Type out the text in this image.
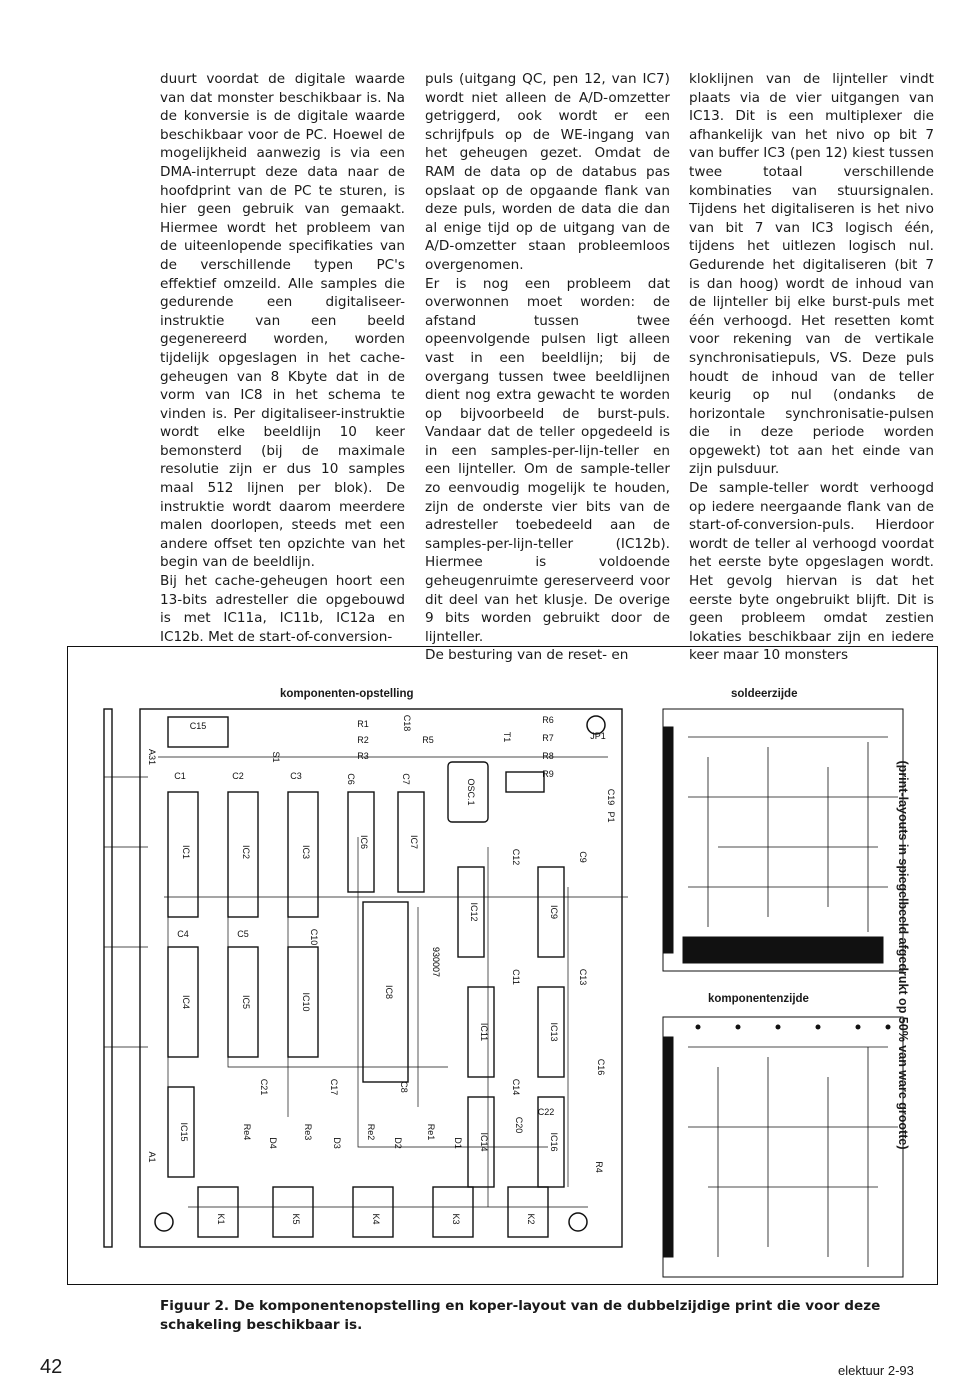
duurt voordat de digitale waarde van dat monster beschikbaar is. Na de konversie is de digitale waarde beschikbaar voor de PC. Hoewel de mogelijkheid aanwezig is via een DMA-interrupt deze data naar de hoofdprint van de PC te sturen, is hier geen gebruik van gemaakt. Hiermee wordt het probleem van de uiteenlopende specifikaties van de verschillende typen PC's effektief omzeild. Alle samples die gedurende een digitaliseer-instruktie van een beeld gegenereerd worden, worden tijdelijk opgeslagen in het cache-geheugen van 8 Kbyte dat in de vorm van IC8 in het schema te vinden is. Per digitaliseer-instruktie wordt elke beeldlijn 10 keer bemonsterd (bij de maximale resolutie zijn er dus 10 samples maal 512 lijnen per blok). De instruktie wordt daarom meerdere malen doorlopen, steeds met een andere offset ten opzichte van het begin van de beeldlijn.

Bij het cache-geheugen hoort een 13-bits adresteller die opgebouwd is met IC11a, IC11b, IC12a en IC12b. Met de start-of-conversion-

puls (uitgang QC, pen 12, van IC7) wordt niet alleen de A/D-omzetter getriggerd, ook wordt er een schrijfpuls op de WE-ingang van het geheugen gezet. Omdat de RAM de data op de databus pas opslaat op de opgaande flank van deze puls, worden de data die dan al enige tijd op de uitgang van de A/D-omzetter staan probleemloos overgenomen.

Er is nog een probleem dat overwonnen moet worden: de afstand tussen twee opeenvolgende pulsen ligt alleen vast in een beeldlijn; bij de overgang tussen twee beeldlijnen dient nog extra gewacht te worden op bijvoorbeeld de burst-puls. Vandaar dat de teller opgedeeld is in een samples-per-lijn-teller en een lijnteller. Om de sample-teller zo eenvoudig mogelijk te houden, zijn de onderste vier bits van de adresteller toebedeeld aan de samples-per-lijn-teller (IC12b). Hiermee is voldoende geheugenruimte gereserveerd voor dit deel van het klusje. De overige 9 bits worden gebruikt door de lijnteller.

De besturing van de reset- en

kloklijnen van de lijnteller vindt plaats via de vier uitgangen van IC13. Dit is een multiplexer die afhankelijk van het nivo op bit 7 van buffer IC3 (pen 12) kiest tussen twee totaal verschillende kombinaties van stuursignalen. Tijdens het digitaliseren is het nivo van bit 7 van IC3 logisch één, tijdens het uitlezen logisch nul. Gedurende het digitaliseren (bit 7 is dan hoog) wordt de inhoud van de lijnteller bij elke burst-puls met één verhoogd. Het resetten komt voor rekening van de vertikale synchronisatiepuls, VS. Deze puls houdt de inhoud van de teller keurig op nul (ondanks de horizontale synchronisatie-pulsen die in deze periode worden opgewekt) tot aan het einde van zijn pulsduur.

De sample-teller wordt verhoogd op iedere neergaande flank van de start-of-conversion-puls. Hierdoor wordt de teller al verhoogd voordat het eerste byte opgeslagen wordt. Het gevolg hiervan is dat het eerste byte ongebruikt blijft. Dit is geen probleem omdat zestien lokaties beschikbaar zijn en iedere keer maar 10 monsters

IC1	IC2	IC3
IC6	IC7
IC4	IC5	IC10
IC8
IC12	IC9
IC11	IC13
IC15
IC14	IC16
K1	K5	K4	K3	K2
R1
R2
R3
R5
R6
R7
R8
R9
R4
C15
C1	C2	C3	C6	C7
C18
C19
C4	C5	C10
C12	C9
C11	C13
C17
C21	C8	C14
C20
C22
C16
S1
T1	JP1
P1
OSC.1
A31
A1
D1
D2
D3
D4
Re1
Re2
Re3
Re4
930007
komponenten-opstelling	soldeerzijde
komponentenzijde	(print-layouts in spiegelbeeld afgedrukt op 50% van ware grootte)
Figuur 2. De komponentenopstelling en koper-layout van de dubbelzijdige print die voor deze schakeling beschikbaar is.
42	elektuur 2-93
